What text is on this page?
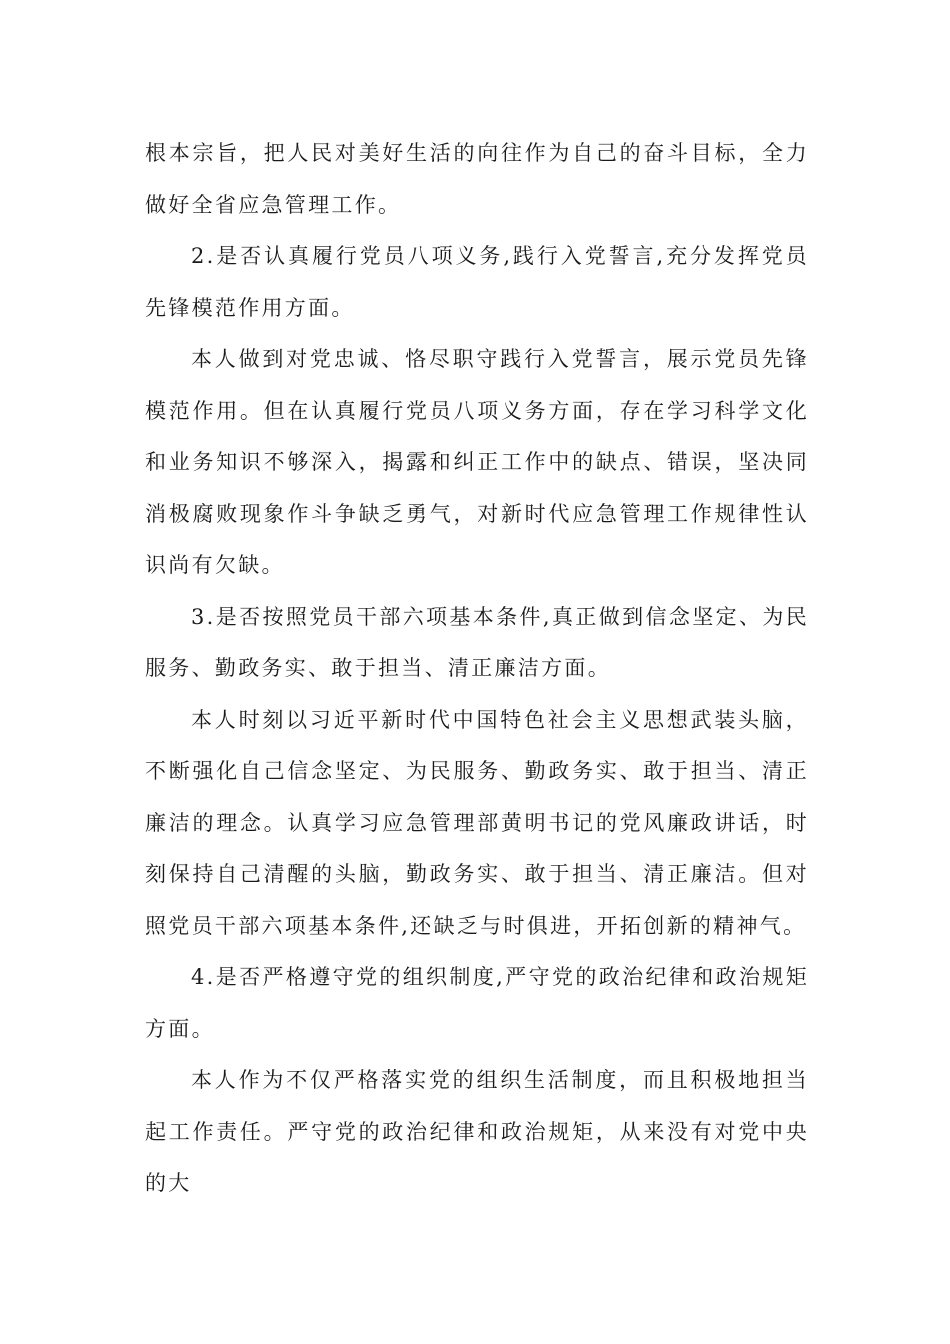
根本宗旨，把人民对美好生活的向往作为自己的奋斗目标，全力做好全省应急管理工作。

2.是否认真履行党员八项义务,践行入党誓言,充分发挥党员先锋模范作用方面。

本人做到对党忠诚、恪尽职守践行入党誓言，展示党员先锋模范作用。但在认真履行党员八项义务方面，存在学习科学文化和业务知识不够深入，揭露和纠正工作中的缺点、错误，坚决同消极腐败现象作斗争缺乏勇气，对新时代应急管理工作规律性认识尚有欠缺。

3.是否按照党员干部六项基本条件,真正做到信念坚定、为民服务、勤政务实、敢于担当、清正廉洁方面。

本人时刻以习近平新时代中国特色社会主义思想武装头脑，不断强化自己信念坚定、为民服务、勤政务实、敢于担当、清正廉洁的理念。认真学习应急管理部黄明书记的党风廉政讲话，时刻保持自己清醒的头脑，勤政务实、敢于担当、清正廉洁。但对照党员干部六项基本条件,还缺乏与时俱进，开拓创新的精神气。

4.是否严格遵守党的组织制度,严守党的政治纪律和政治规矩方面。

本人作为不仅严格落实党的组织生活制度，而且积极地担当起工作责任。严守党的政治纪律和政治规矩，从来没有对党中央的大
